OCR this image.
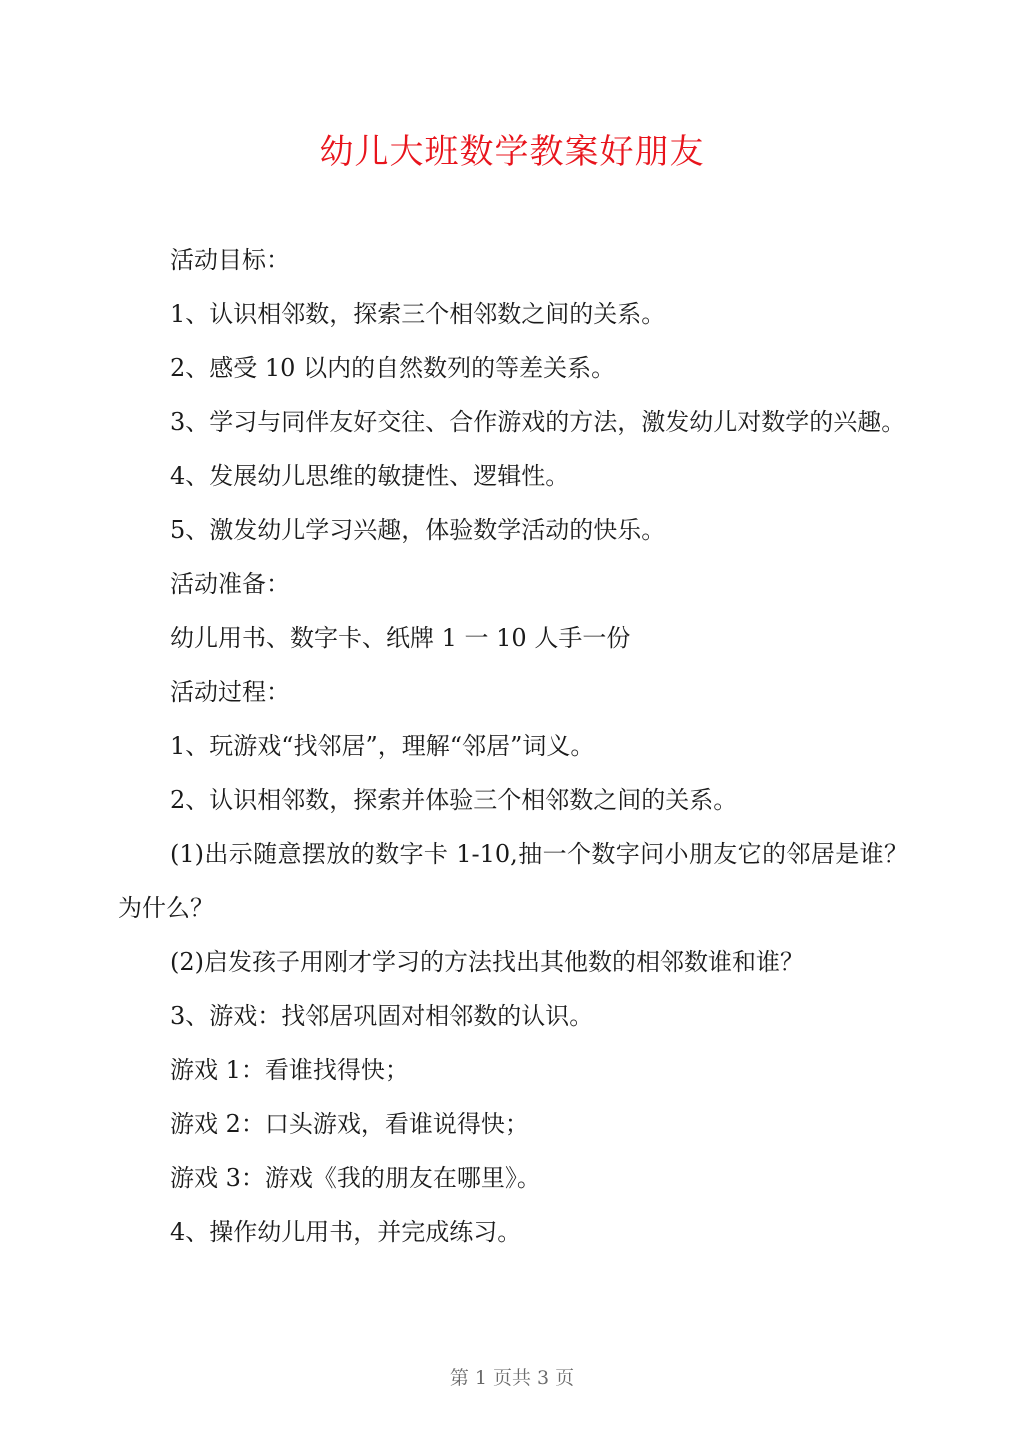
幼儿大班数学教案好朋友

活动目标：

1、认识相邻数，探索三个相邻数之间的关系。

2、感受 10 以内的自然数列的等差关系。

3、学习与同伴友好交往、合作游戏的方法，激发幼儿对数学的兴趣。

4、发展幼儿思维的敏捷性、逻辑性。

5、激发幼儿学习兴趣，体验数学活动的快乐。

活动准备：

幼儿用书、数字卡、纸牌 1 一 10 人手一份

活动过程：

1、玩游戏“找邻居”，理解“邻居”词义。

2、认识相邻数，探索并体验三个相邻数之间的关系。

(1)出示随意摆放的数字卡 1-10,抽一个数字问小朋友它的邻居是谁？为什么？

(2)启发孩子用刚才学习的方法找出其他数的相邻数谁和谁？

3、游戏：找邻居巩固对相邻数的认识。

游戏 1：看谁找得快；

游戏 2：口头游戏，看谁说得快；

游戏 3：游戏《我的朋友在哪里》。

4、操作幼儿用书，并完成练习。

第 1 页共 3 页
